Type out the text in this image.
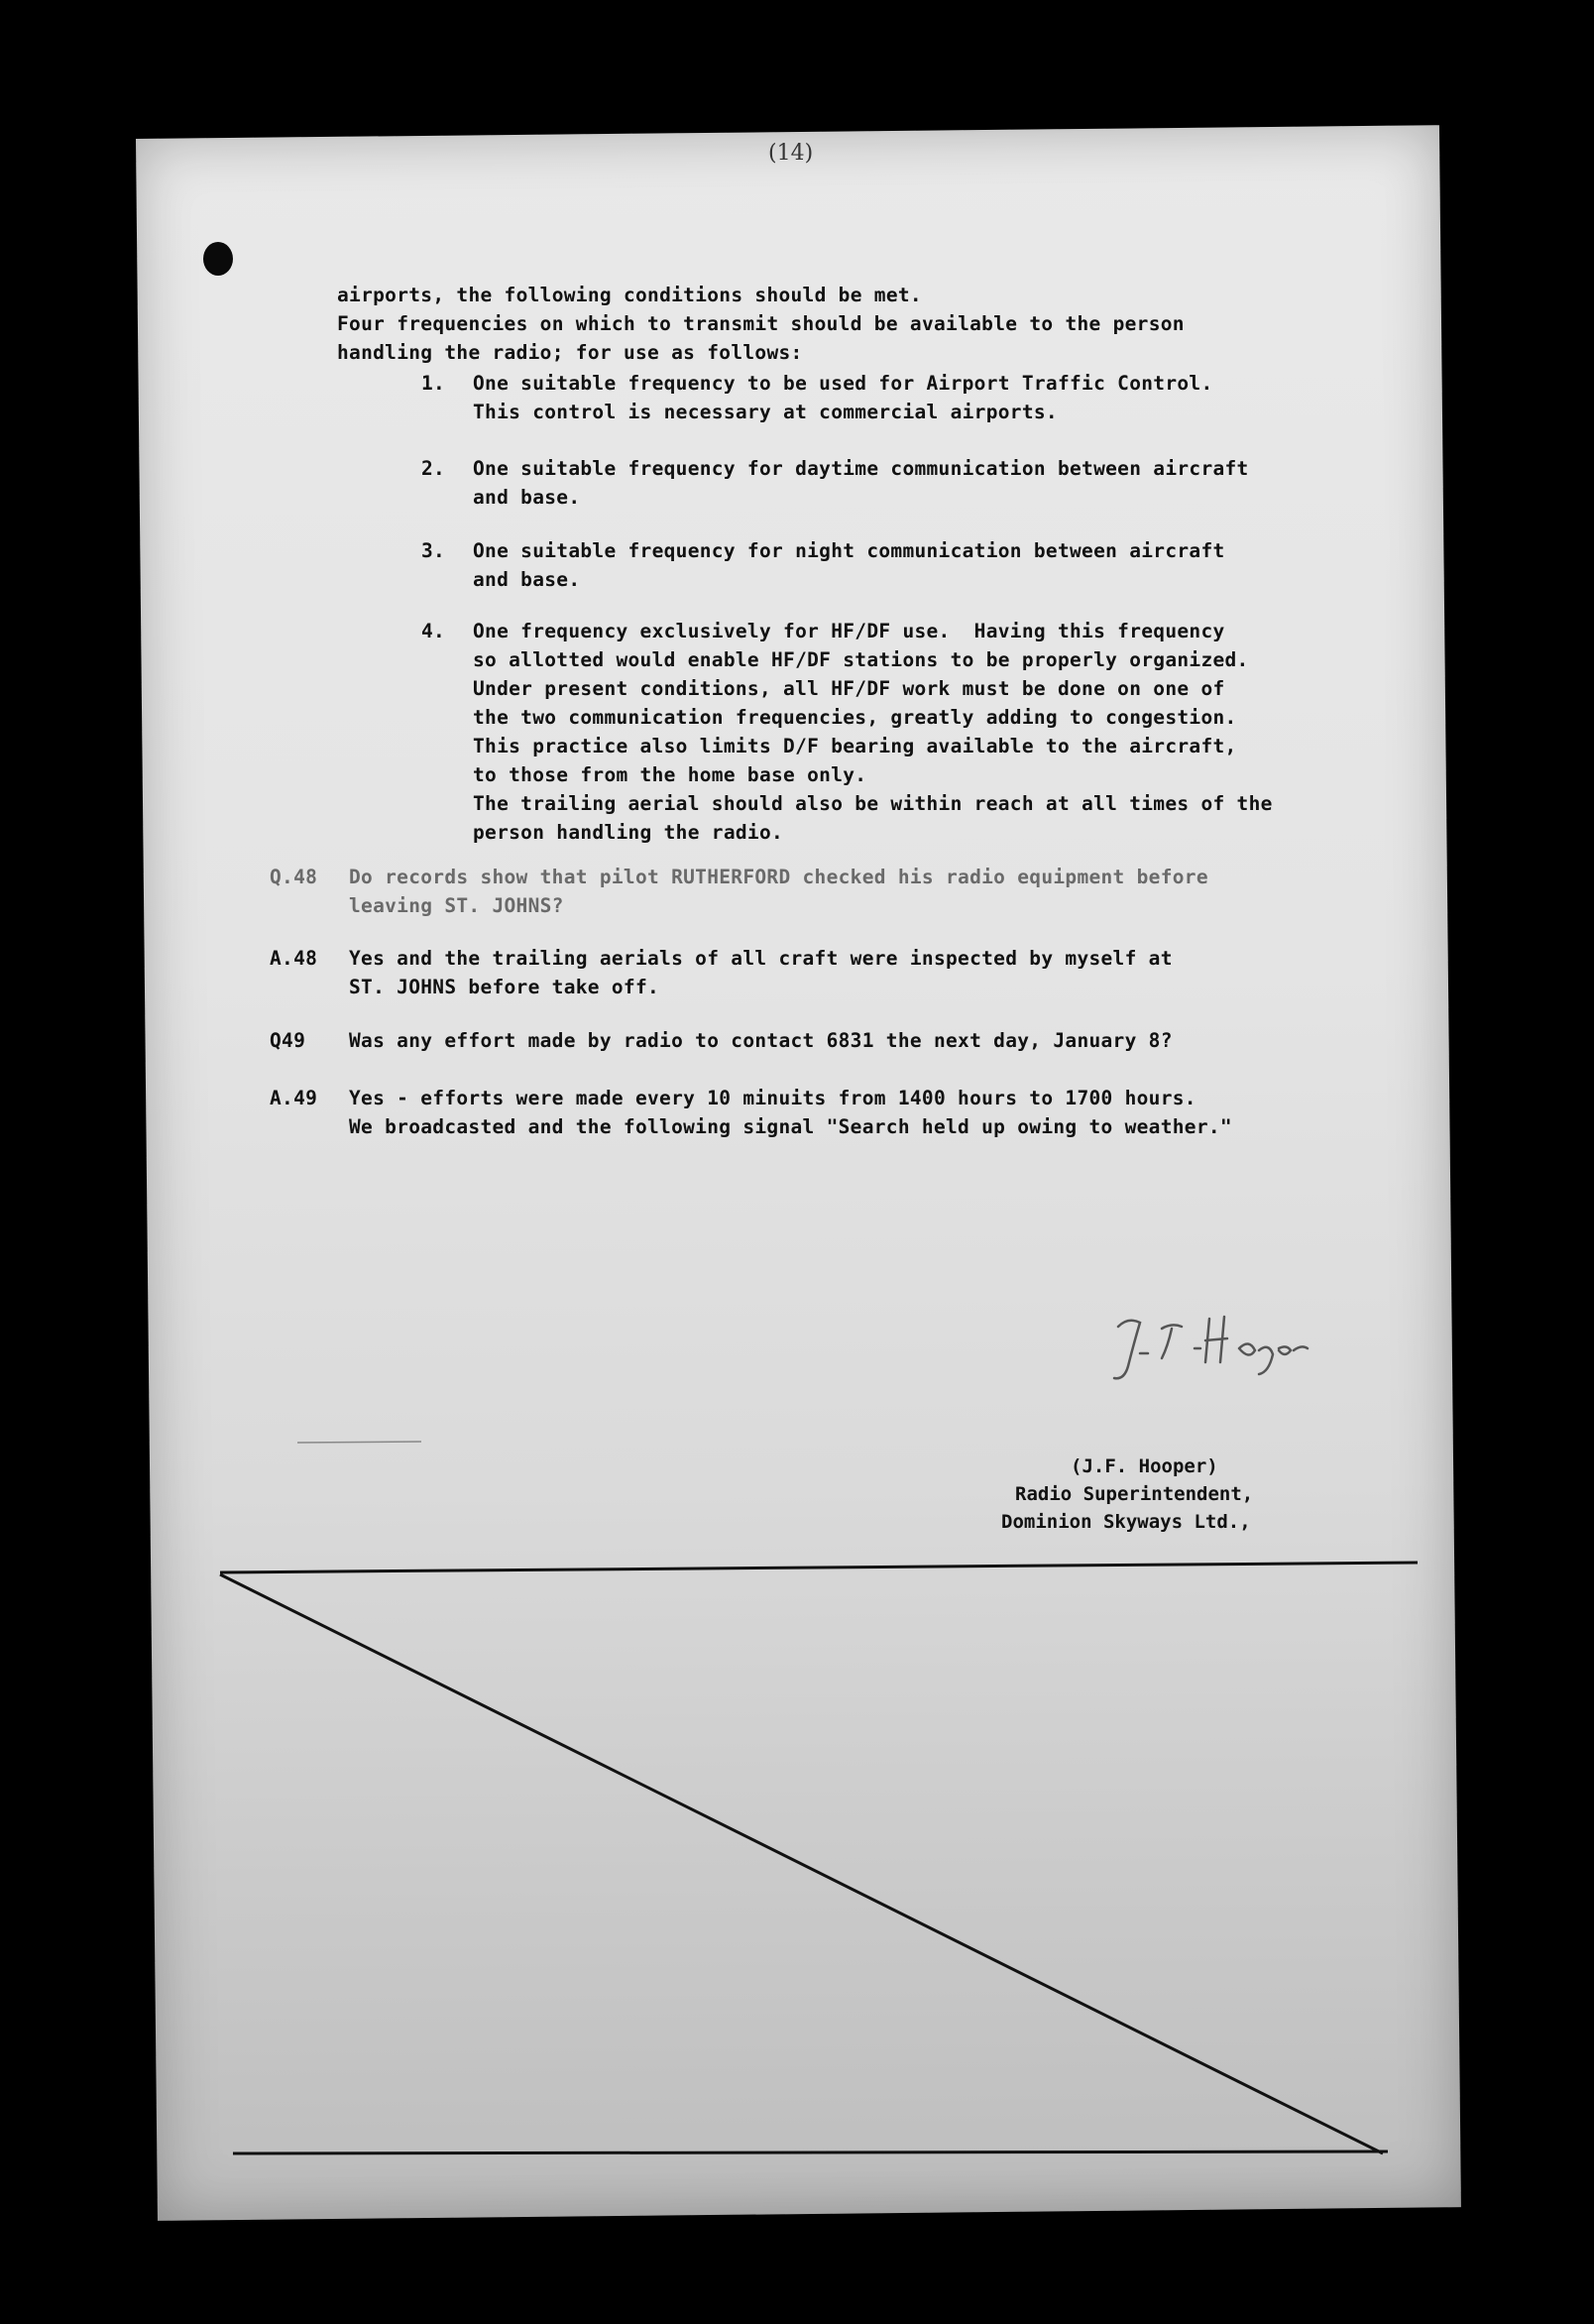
(14)
airports, the following conditions should be met.
Four frequencies on which to transmit should be available to the person
handling the radio; for use as follows:
1. One suitable frequency to be used for Airport Traffic Control.
This control is necessary at commercial airports.
2. One suitable frequency for daytime communication between aircraft
and base.
3. One suitable frequency for night communication between aircraft
and base.
4. One frequency exclusively for HF/DF use.  Having this frequency
so allotted would enable HF/DF stations to be properly organized.
Under present conditions, all HF/DF work must be done on one of
the two communication frequencies, greatly adding to congestion.
This practice also limits D/F bearing available to the aircraft,
to those from the home base only.
The trailing aerial should also be within reach at all times of the
person handling the radio.
Q.48 Do records show that pilot RUTHERFORD checked his radio equipment before
leaving ST. JOHNS?
A.48 Yes and the trailing aerials of all craft were inspected by myself at
ST. JOHNS before take off.
Q49 Was any effort made by radio to contact 6831 the next day, January 8?
A.49 Yes - efforts were made every 10 minuits from 1400 hours to 1700 hours.
We broadcasted and the following signal "Search held up owing to weather."
(J.F. Hooper)
Radio Superintendent,
Dominion Skyways Ltd.,
